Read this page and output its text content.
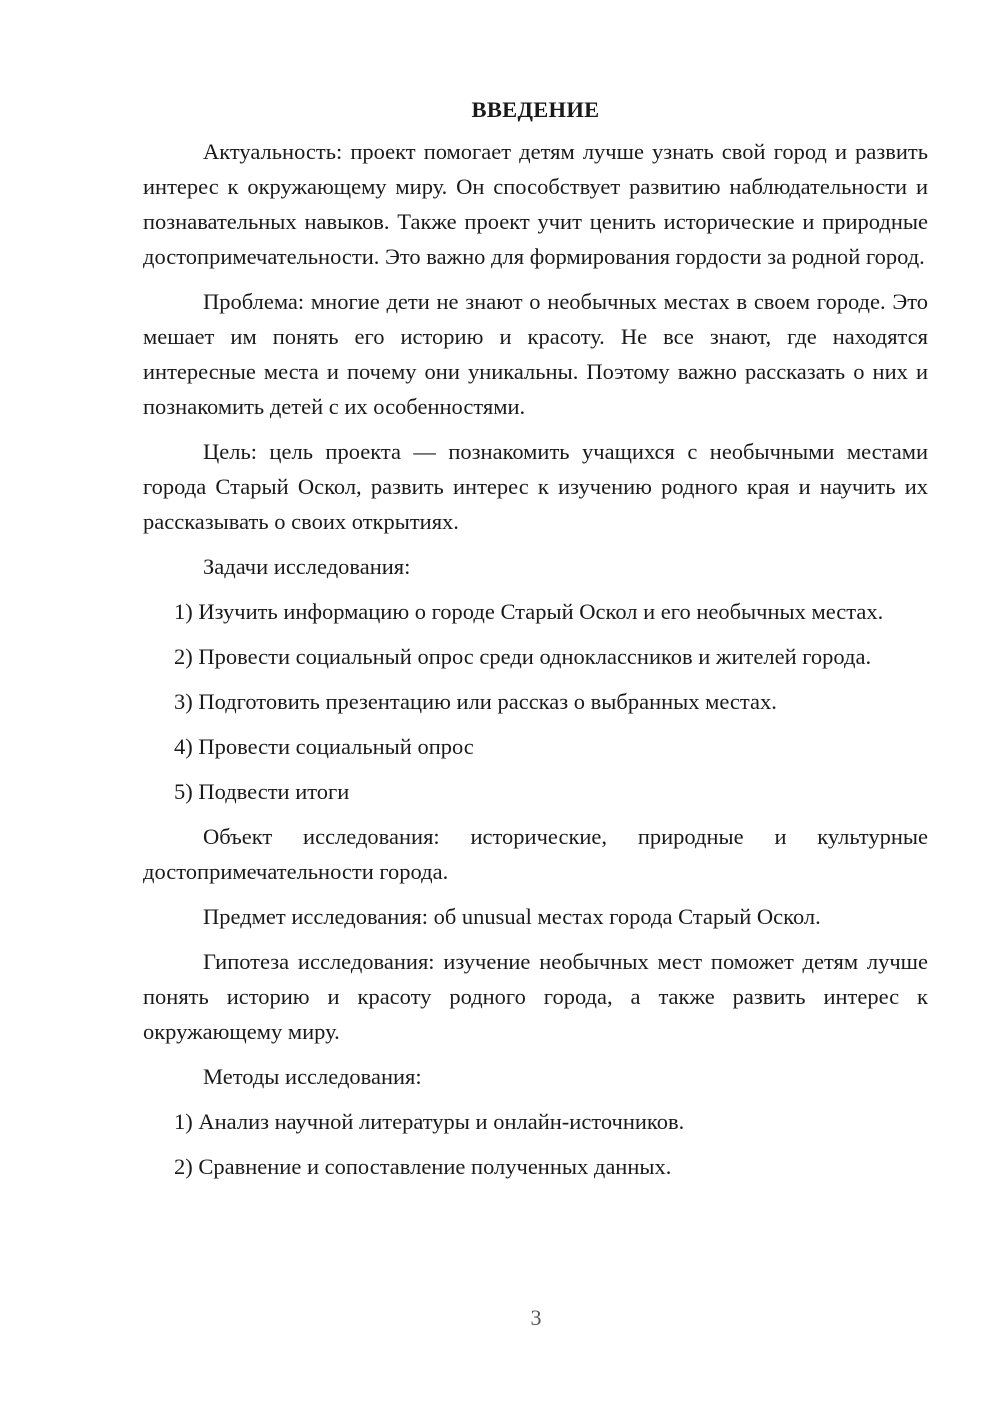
ВВЕДЕНИЕ

Актуальность: проект помогает детям лучше узнать свой город и развить интерес к окружающему миру. Он способствует развитию наблюдательности и познавательных навыков. Также проект учит ценить исторические и природные достопримечательности. Это важно для формирования гордости за родной город.

Проблема: многие дети не знают о необычных местах в своем городе. Это мешает им понять его историю и красоту. Не все знают, где находятся интересные места и почему они уникальны. Поэтому важно рассказать о них и познакомить детей с их особенностями.

Цель: цель проекта — познакомить учащихся с необычными местами города Старый Оскол, развить интерес к изучению родного края и научить их рассказывать о своих открытиях.

Задачи исследования:

1) Изучить информацию о городе Старый Оскол и его необычных местах.

2) Провести социальный опрос среди одноклассников и жителей города.

3) Подготовить презентацию или рассказ о выбранных местах.

4) Провести социальный опрос

5) Подвести итоги

Объект исследования: исторические, природные и культурные достопримечательности города.

Предмет исследования: об unusual местах города Старый Оскол.

Гипотеза исследования: изучение необычных мест поможет детям лучше понять историю и красоту родного города, а также развить интерес к окружающему миру.

Методы исследования:

1) Анализ научной литературы и онлайн-источников.

2) Сравнение и сопоставление полученных данных.

3
